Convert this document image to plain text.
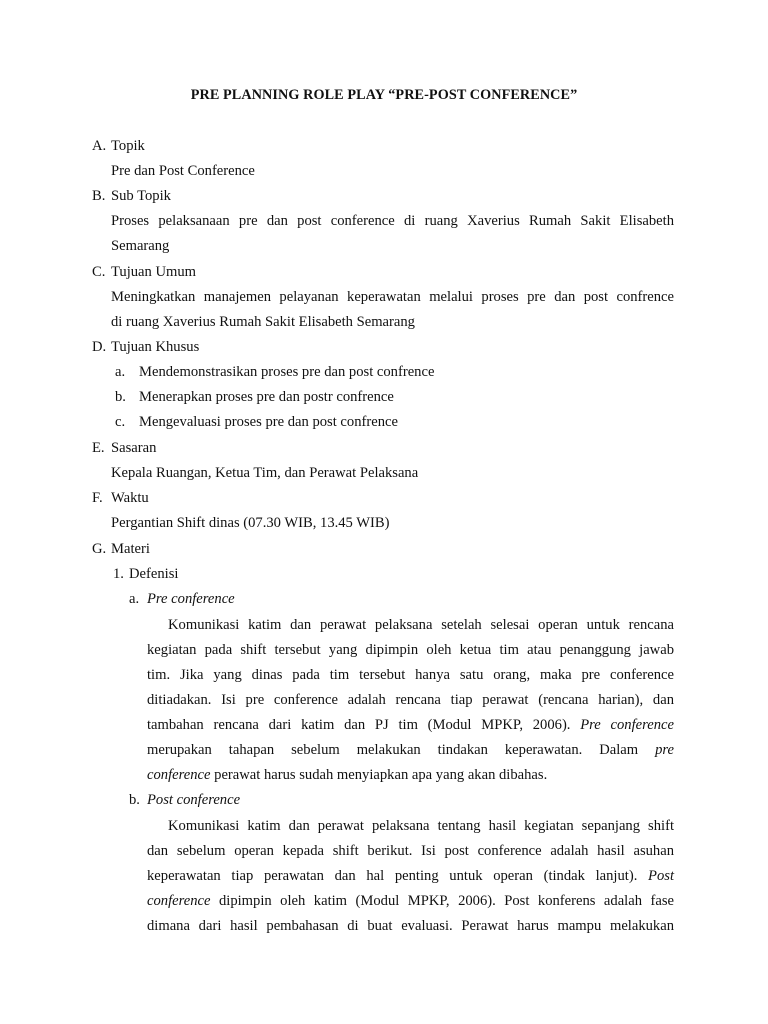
PRE PLANNING ROLE PLAY “PRE-POST CONFERENCE”
A. Topik
Pre dan Post Conference
B. Sub Topik
Proses pelaksanaan pre dan post conference di ruang Xaverius Rumah Sakit Elisabeth
Semarang
C. Tujuan Umum
Meningkatkan manajemen pelayanan keperawatan melalui proses pre dan post confrence
di ruang Xaverius Rumah Sakit Elisabeth Semarang
D. Tujuan Khusus
a. Mendemonstrasikan proses pre dan post confrence
b. Menerapkan proses pre dan postr confrence
c. Mengevaluasi proses pre dan post confrence
E. Sasaran
Kepala Ruangan, Ketua Tim, dan Perawat Pelaksana
F. Waktu
Pergantian Shift dinas (07.30 WIB, 13.45 WIB)
G. Materi
1. Defenisi
a. Pre conference
Komunikasi katim dan perawat pelaksana setelah selesai operan untuk rencana
kegiatan pada shift tersebut yang dipimpin oleh ketua tim atau penanggung jawab
tim. Jika yang dinas pada tim tersebut hanya satu orang, maka pre conference
ditiadakan. Isi pre conference adalah rencana tiap perawat (rencana harian), dan
tambahan rencana dari katim dan PJ tim (Modul MPKP, 2006). Pre conference
merupakan tahapan sebelum melakukan tindakan keperawatan. Dalam pre
conference perawat harus sudah menyiapkan apa yang akan dibahas.
b. Post conference
Komunikasi katim dan perawat pelaksana tentang hasil kegiatan sepanjang shift
dan sebelum operan kepada shift berikut. Isi post conference adalah hasil asuhan
keperawatan tiap perawatan dan hal penting untuk operan (tindak lanjut). Post
conference dipimpin oleh katim (Modul MPKP, 2006). Post konferens adalah fase
dimana dari hasil pembahasan di buat evaluasi. Perawat harus mampu melakukan
